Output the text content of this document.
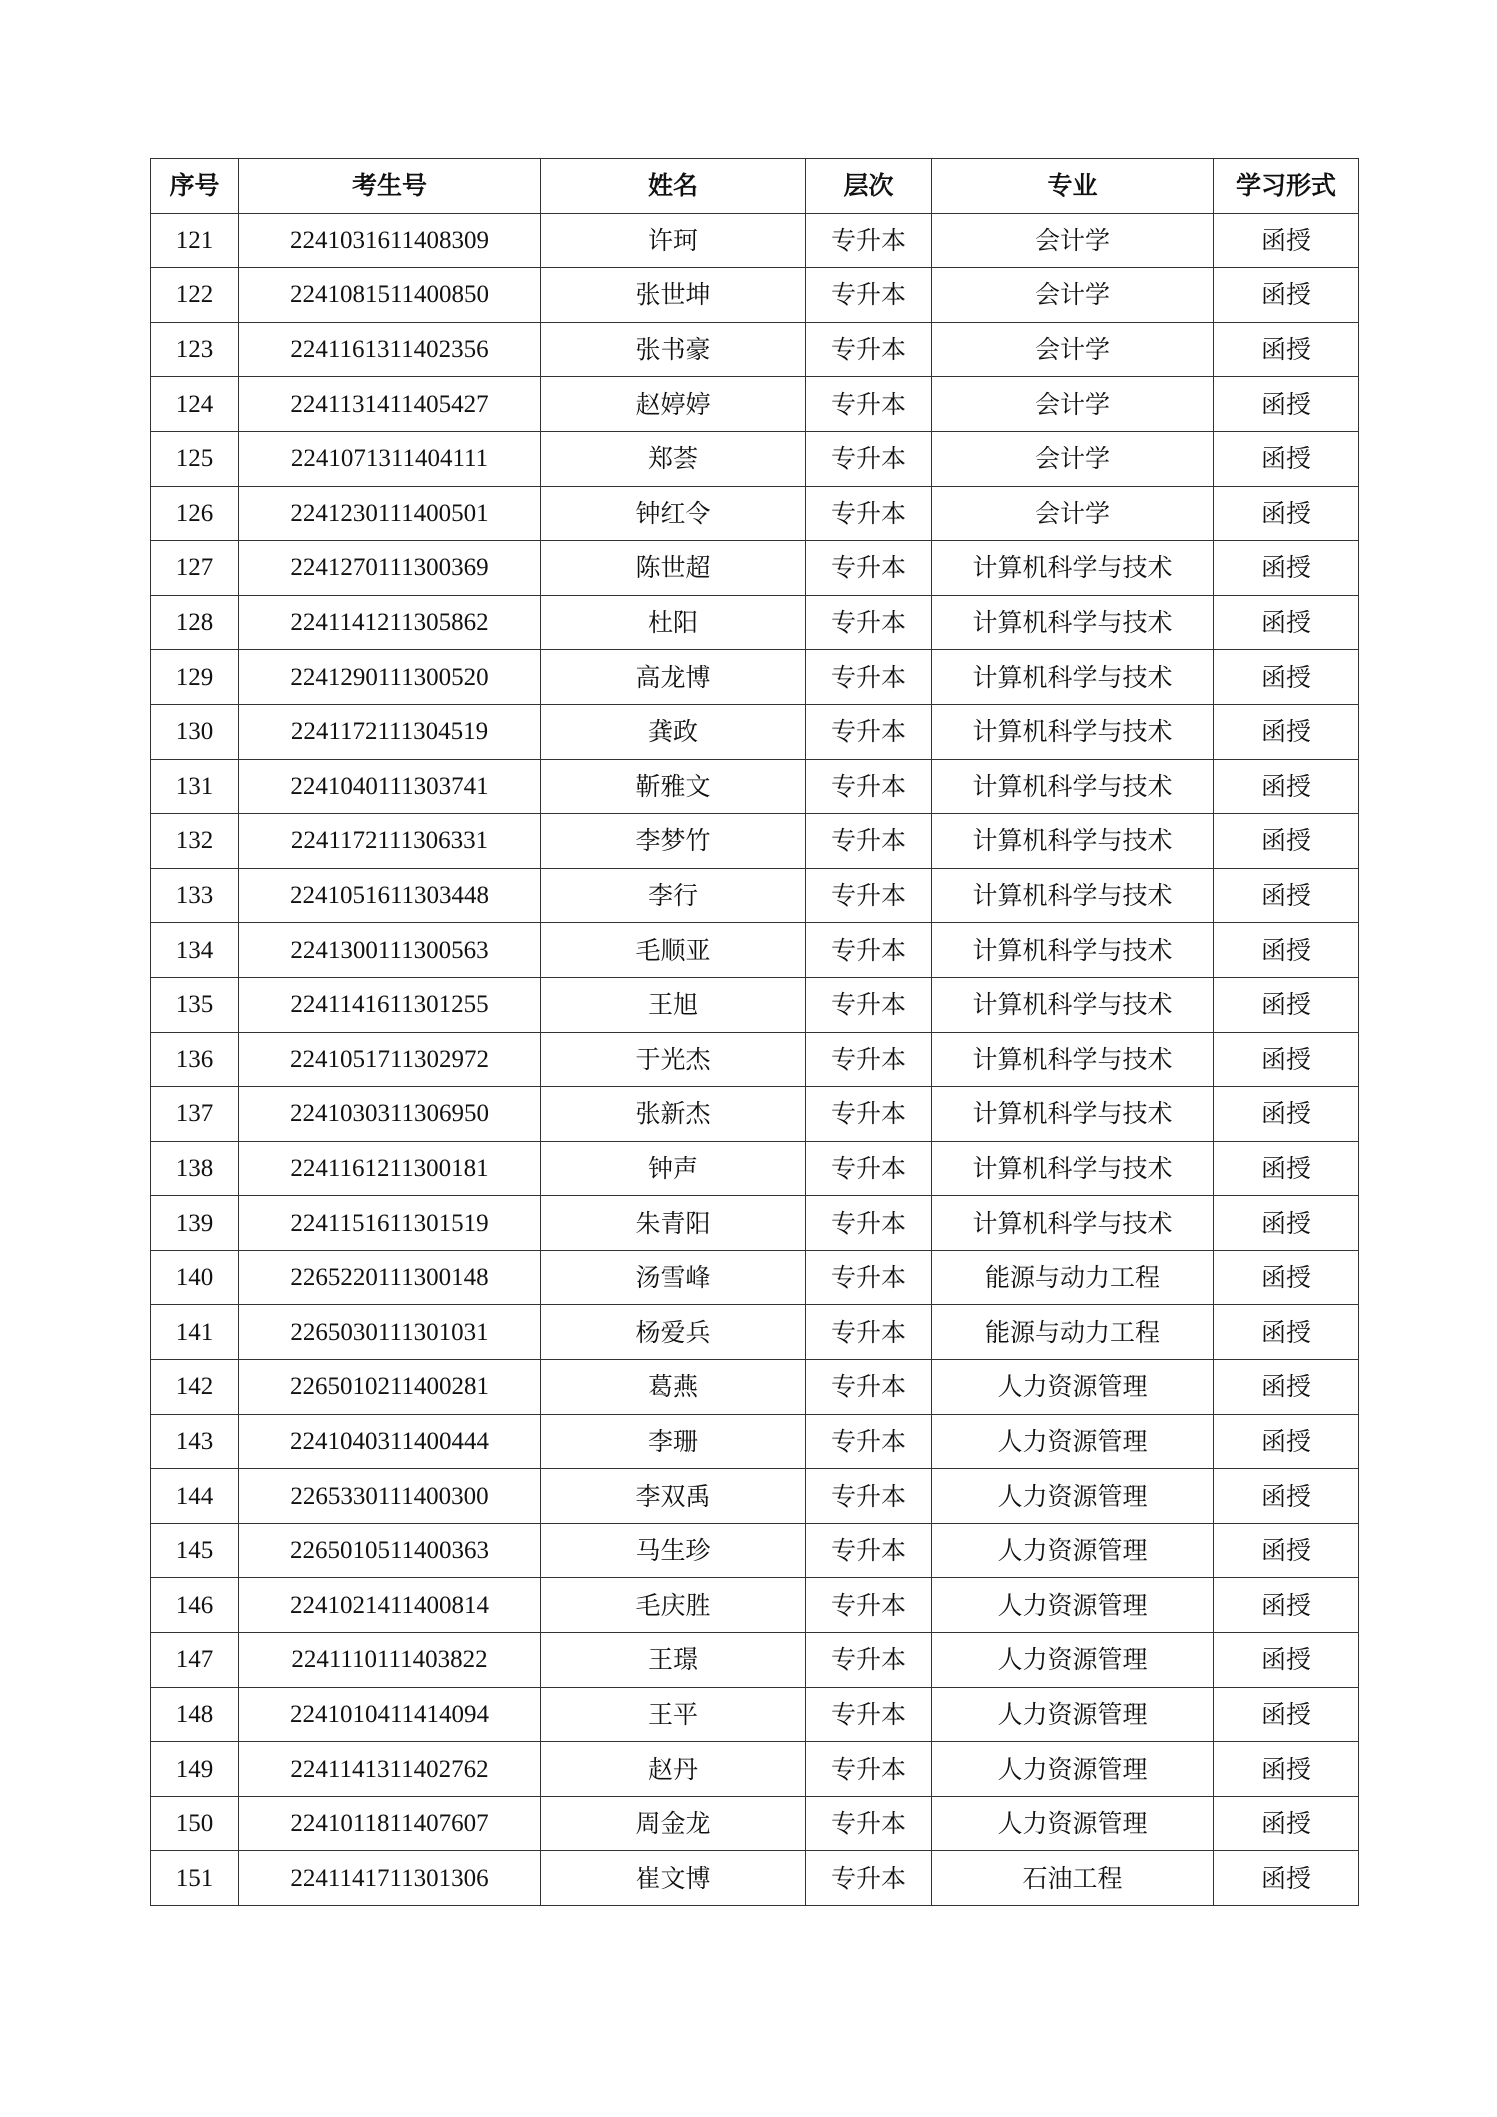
序号	考生号	姓名	层次	专业	学习形式
121	2241031611408309	许珂	专升本	会计学	函授
122	2241081511400850	张世坤	专升本	会计学	函授
123	2241161311402356	张书豪	专升本	会计学	函授
124	2241131411405427	赵婷婷	专升本	会计学	函授
125	2241071311404111	郑荟	专升本	会计学	函授
126	2241230111400501	钟红令	专升本	会计学	函授
127	2241270111300369	陈世超	专升本	计算机科学与技术	函授
128	2241141211305862	杜阳	专升本	计算机科学与技术	函授
129	2241290111300520	高龙博	专升本	计算机科学与技术	函授
130	2241172111304519	龚政	专升本	计算机科学与技术	函授
131	2241040111303741	靳雅文	专升本	计算机科学与技术	函授
132	2241172111306331	李梦竹	专升本	计算机科学与技术	函授
133	2241051611303448	李行	专升本	计算机科学与技术	函授
134	2241300111300563	毛顺亚	专升本	计算机科学与技术	函授
135	2241141611301255	王旭	专升本	计算机科学与技术	函授
136	2241051711302972	于光杰	专升本	计算机科学与技术	函授
137	2241030311306950	张新杰	专升本	计算机科学与技术	函授
138	2241161211300181	钟声	专升本	计算机科学与技术	函授
139	2241151611301519	朱青阳	专升本	计算机科学与技术	函授
140	2265220111300148	汤雪峰	专升本	能源与动力工程	函授
141	2265030111301031	杨爱兵	专升本	能源与动力工程	函授
142	2265010211400281	葛燕	专升本	人力资源管理	函授
143	2241040311400444	李珊	专升本	人力资源管理	函授
144	2265330111400300	李双禹	专升本	人力资源管理	函授
145	2265010511400363	马生珍	专升本	人力资源管理	函授
146	2241021411400814	毛庆胜	专升本	人力资源管理	函授
147	2241110111403822	王璟	专升本	人力资源管理	函授
148	2241010411414094	王平	专升本	人力资源管理	函授
149	2241141311402762	赵丹	专升本	人力资源管理	函授
150	2241011811407607	周金龙	专升本	人力资源管理	函授
151	2241141711301306	崔文博	专升本	石油工程	函授
